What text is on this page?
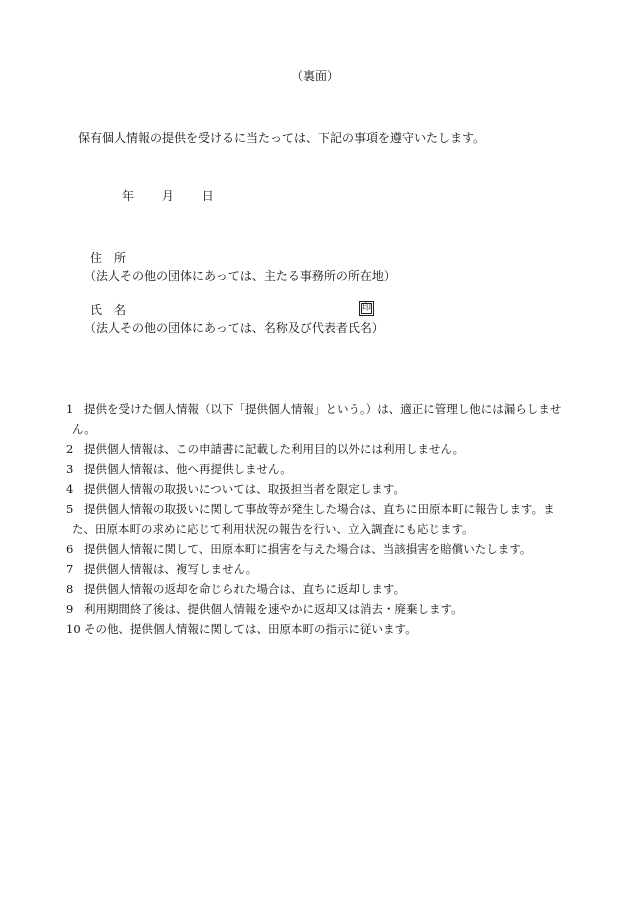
（裏面）
保有個人情報の提供を受けるに当たっては、下記の事項を遵守いたします。
年 月 日
住　所
（法人その他の団体にあっては、主たる事務所の所在地）
氏　名	印
（法人その他の団体にあっては、名称及び代表者氏名）
1 提供を受けた個人情報（以下「提供個人情報」という。）は、適正に管理し他には漏らしませ
ん。
2 提供個人情報は、この申請書に記載した利用目的以外には利用しません。
3 提供個人情報は、他へ再提供しません。
4 提供個人情報の取扱いについては、取扱担当者を限定します。
5 提供個人情報の取扱いに関して事故等が発生した場合は、直ちに田原本町に報告します。ま
た、田原本町の求めに応じて利用状況の報告を行い、立入調査にも応じます。
6 提供個人情報に関して、田原本町に損害を与えた場合は、当該損害を賠償いたします。
7 提供個人情報は、複写しません。
8 提供個人情報の返却を命じられた場合は、直ちに返却します。
9 利用期間終了後は、提供個人情報を速やかに返却又は消去・廃棄します。
10 その他、提供個人情報に関しては、田原本町の指示に従います。
